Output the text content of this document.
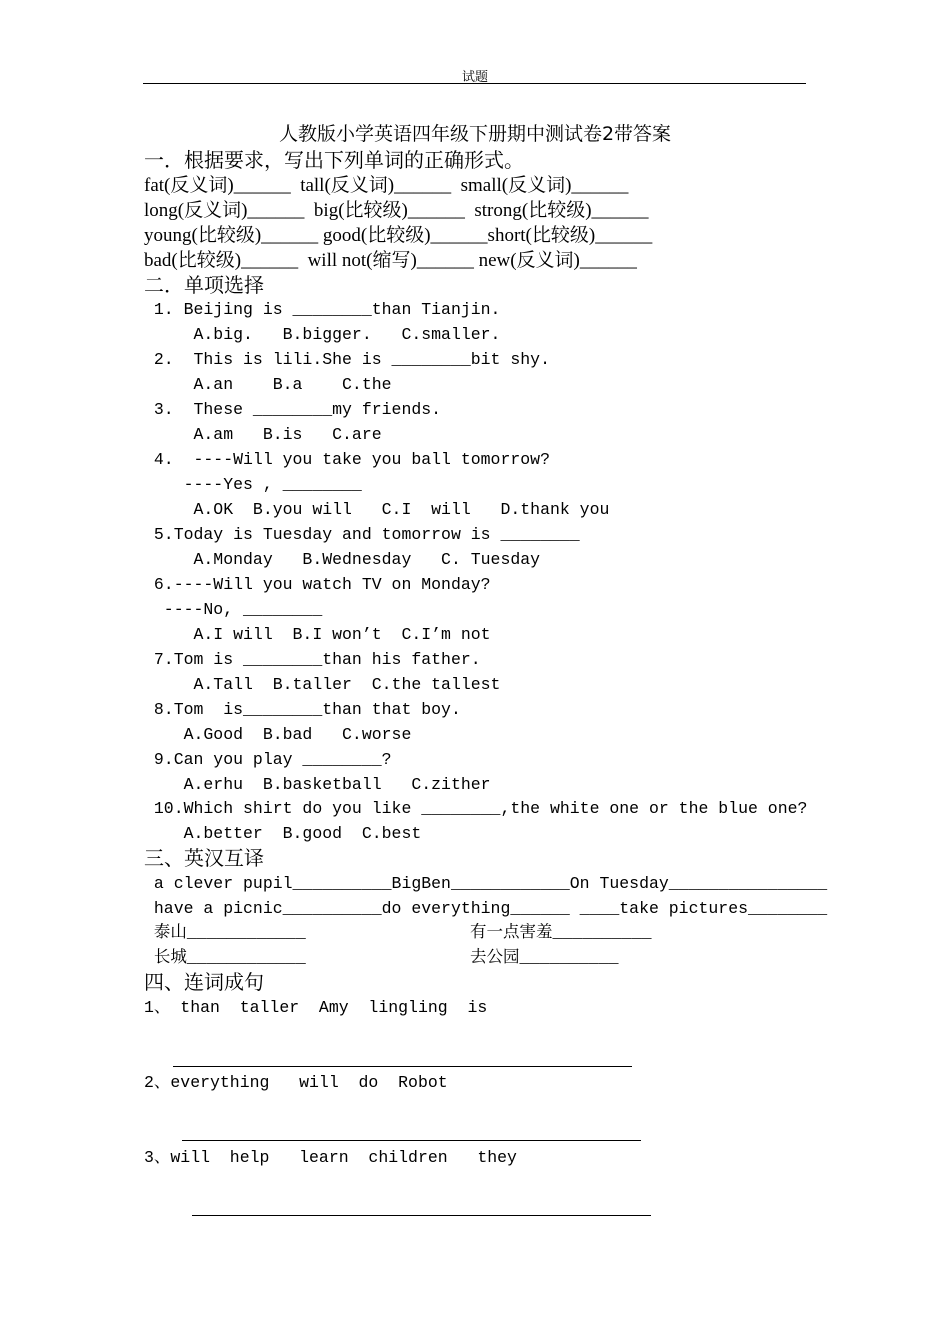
试题
人教版小学英语四年级下册期中测试卷2带答案
一．根据要求，写出下列单词的正确形式。
fat(反义词)______  tall(反义词)______  small(反义词)______
long(反义词)______  big(比较级)______  strong(比较级)______
young(比较级)______ good(比较级)______short(比较级)______
bad(比较级)______  will not(缩写)______ new(反义词)______
二．单项选择
1. Beijing is ________than Tianjin.
A.big.   B.bigger.   C.smaller.
2.  This is lili.She is ________bit shy.
A.an    B.a    C.the
3.  These ________my friends.
A.am   B.is   C.are
4.  ----Will you take you ball tomorrow?
----Yes , ________
A.OK  B.you will   C.I  will   D.thank you
5.Today is Tuesday and tomorrow is ________
A.Monday   B.Wednesday   C. Tuesday
6.----Will you watch TV on Monday?
----No, ________
A.I will  B.I won’t  C.I’m not
7.Tom is ________than his father.
A.Tall  B.taller  C.the tallest
8.Tom  is________than that boy.
A.Good  B.bad   C.worse
9.Can you play ________?
A.erhu  B.basketball   C.zither
10.Which shirt do you like ________,the white one or the blue one?
A.better  B.good  C.best
三、英汉互译
a clever pupil__________BigBen____________On Tuesday________________
have a picnic__________do everything______ ____take pictures________
泰山____________	有一点害羞__________
长城____________	去公园__________
四、连词成句
1、 than  taller  Amy  lingling  is
2、everything   will  do  Robot
3、will  help   learn  children   they
